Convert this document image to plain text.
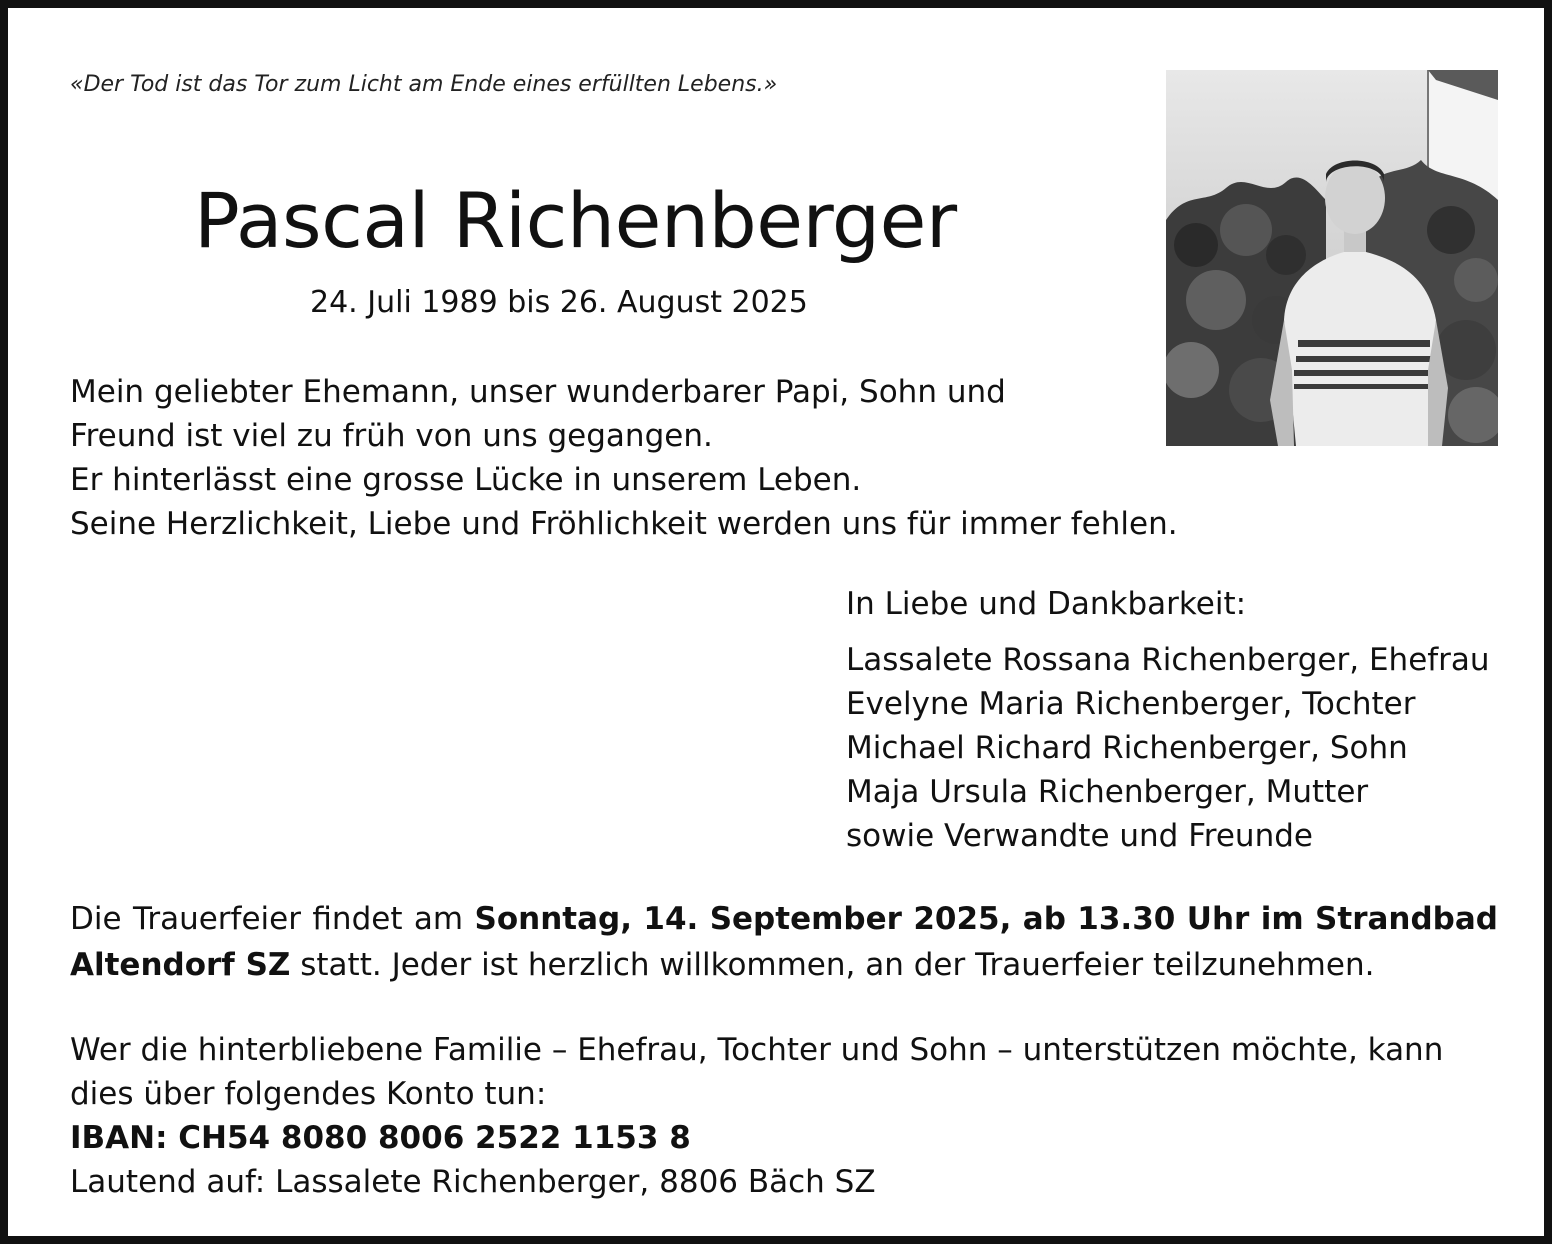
«Der Tod ist das Tor zum Licht am Ende eines erfüllten Lebens.»

Pascal Richenberger

24. Juli 1989 bis 26. August 2025

Mein geliebter Ehemann, unser wunderbarer Papi, Sohn und
Freund ist viel zu früh von uns gegangen.
Er hinterlässt eine grosse Lücke in unserem Leben.
Seine Herzlichkeit, Liebe und Fröhlichkeit werden uns für immer fehlen.

In Liebe und Dankbarkeit:

Lassalete Rossana Richenberger, Ehefrau
Evelyne Maria Richenberger, Tochter
Michael Richard Richenberger, Sohn
Maja Ursula Richenberger, Mutter
sowie Verwandte und Freunde
Die Trauerfeier findet am Sonntag, 14. September 2025, ab 13.30 Uhr im Strandbad
Altendorf SZ statt. Jeder ist herzlich willkommen, an der Trauerfeier teilzunehmen.
Wer die hinterbliebene Familie – Ehefrau, Tochter und Sohn – unterstützen möchte, kann
dies über folgendes Konto tun:
IBAN: CH54 8080 8006 2522 1153 8
Lautend auf: Lassalete Richenberger, 8806 Bäch SZ
